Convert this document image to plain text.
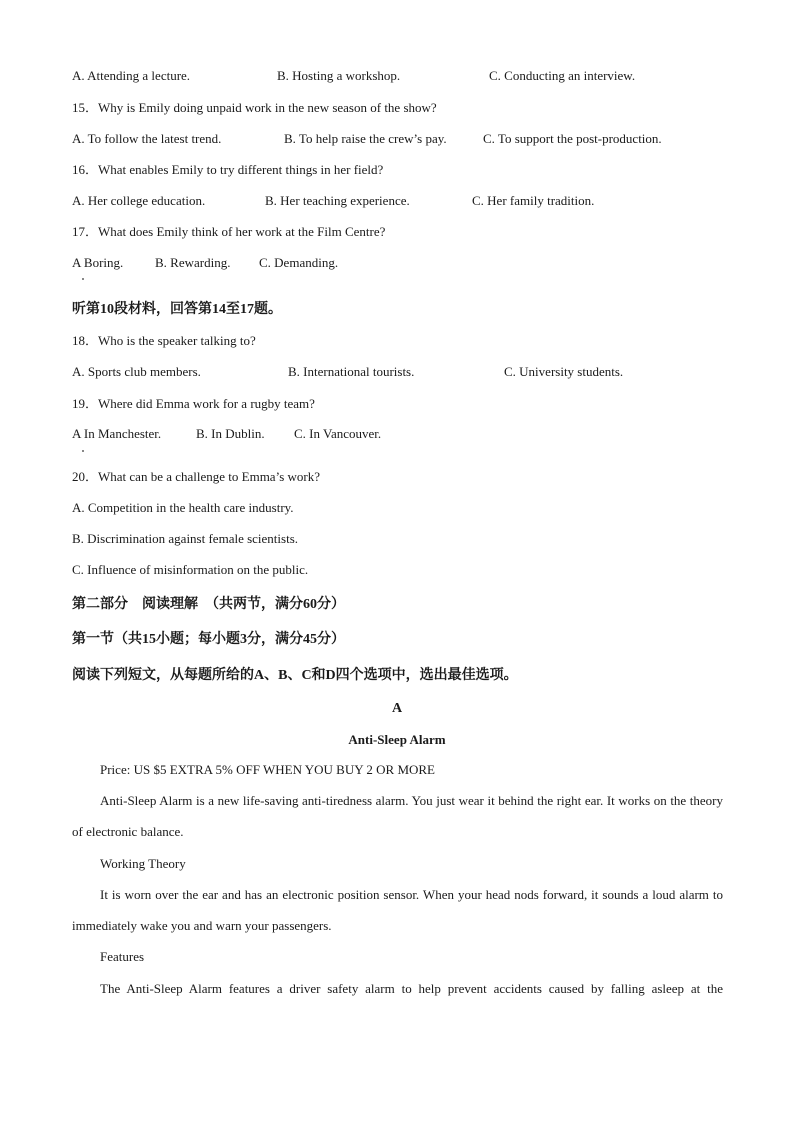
A. Attending a lecture.	B. Hosting a workshop.	C. Conducting an interview.
15．Why is Emily doing unpaid work in the new season of the show?
A. To follow the latest trend.	B. To help raise the crew’s pay.	C. To support the post-production.
16．What enables Emily to try different things in her field?
A. Her college education.	B. Her teaching experience.	C. Her family tradition.
17．What does Emily think of her work at the Film Centre?
A Boring. B. Rewarding. C. Demanding.
听第10段材料，回答第14至17题。
18．Who is the speaker talking to?
A. Sports club members.	B. International tourists.	C. University students.
19．Where did Emma work for a rugby team?
A In Manchester.	B. In Dublin. C. In Vancouver.
20．What can be a challenge to Emma’s work?
A. Competition in the health care industry.
B. Discrimination against female scientists.
C. Influence of misinformation on the public.
第二部分　阅读理解　（共两节，满分60分）
第一节（共15小题；每小题3分，满分45分）
阅读下列短文，从每题所给的A、B、C和D四个选项中，选出最佳选项。
A
Anti-Sleep Alarm
Price: US $5 EXTRA 5% OFF WHEN YOU BUY 2 OR MORE
Anti-Sleep Alarm is a new life-saving anti-tiredness alarm. You just wear it behind the right ear. It works on the theory of electronic balance.
Working Theory
It is worn over the ear and has an electronic position sensor. When your head nods forward, it sounds a loud alarm to immediately wake you and warn your passengers.
Features
The Anti-Sleep Alarm features a driver safety alarm to help prevent accidents caused by falling asleep at the
